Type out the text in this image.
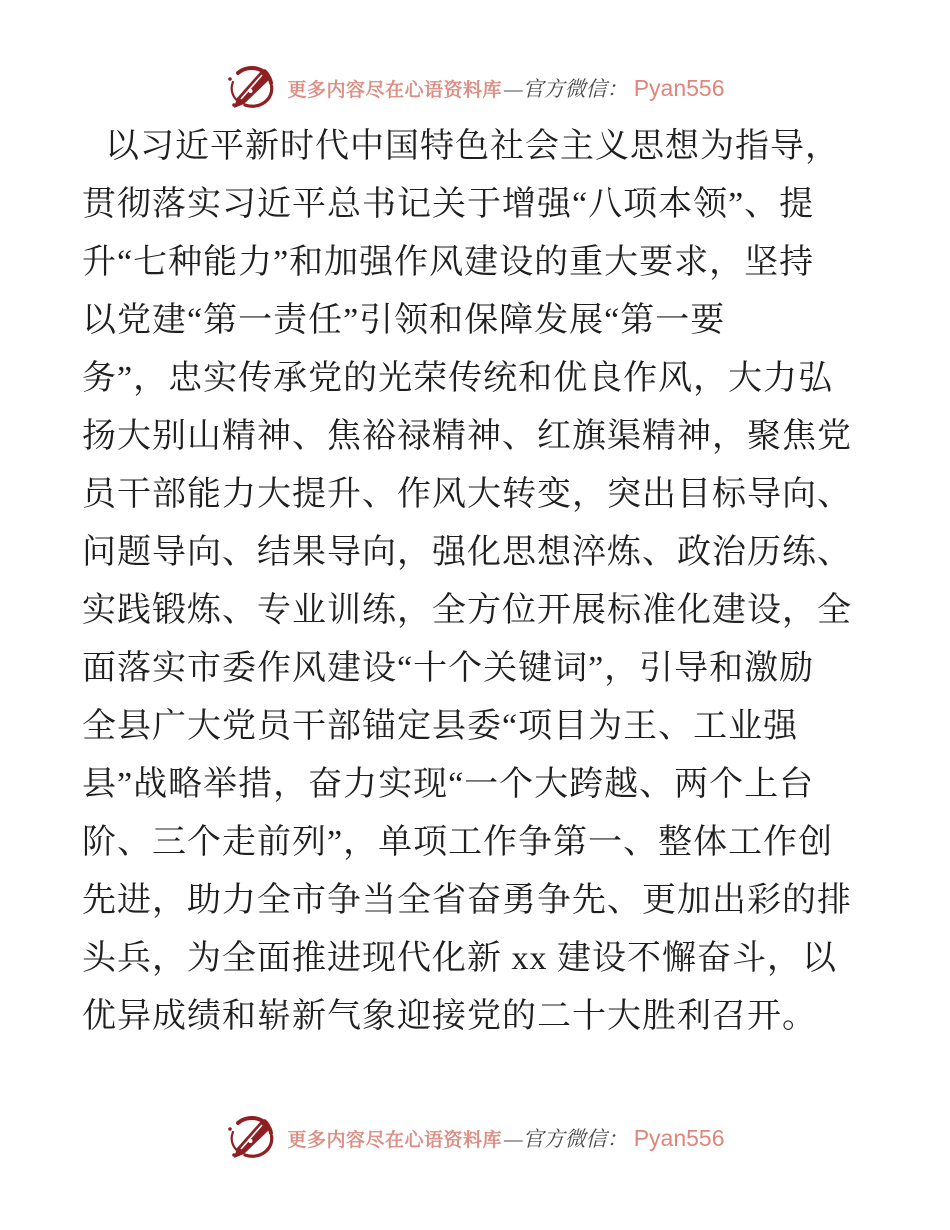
更多内容尽在心语资料库 —官方微信： Pyan556
以习近平新时代中国特色社会主义思想为指导，
贯彻落实习近平总书记关于增强“八项本领”、提
升“七种能力”和加强作风建设的重大要求，坚持
以党建“第一责任”引领和保障发展“第一要
务”，忠实传承党的光荣传统和优良作风，大力弘
扬大别山精神、焦裕禄精神、红旗渠精神，聚焦党
员干部能力大提升、作风大转变，突出目标导向、
问题导向、结果导向，强化思想淬炼、政治历练、
实践锻炼、专业训练，全方位开展标准化建设，全
面落实市委作风建设“十个关键词”，引导和激励
全县广大党员干部锚定县委“项目为王、工业强
县”战略举措，奋力实现“一个大跨越、两个上台
阶、三个走前列”，单项工作争第一、整体工作创
先进，助力全市争当全省奋勇争先、更加出彩的排
头兵，为全面推进现代化新 xx 建设不懈奋斗，以
优异成绩和崭新气象迎接党的二十大胜利召开。
更多内容尽在心语资料库 —官方微信： Pyan556
